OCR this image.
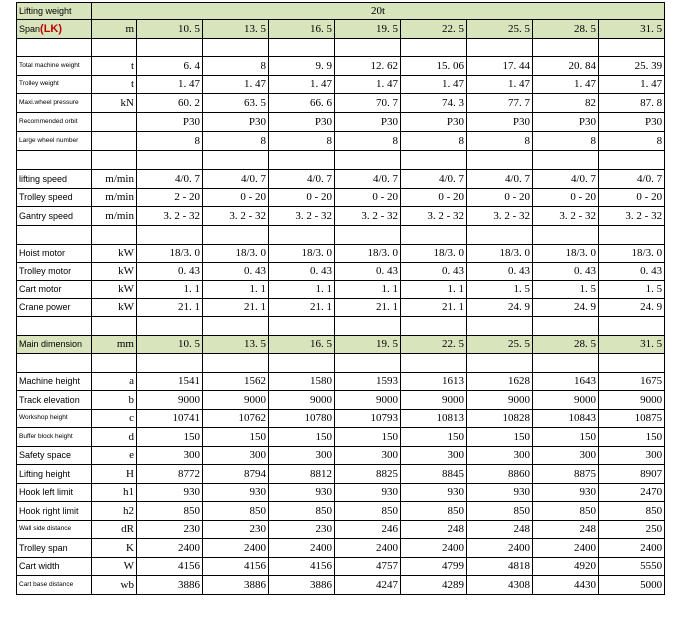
Lifting weight	20t								
Span(LK)	m	10. 5	13. 5	16. 5	19. 5	22. 5	25. 5	28. 5	31. 5

Total machine weight	t	6. 4	8	9. 9	12. 62	15. 06	17. 44	20. 84	25. 39
Trolley weight	t	1. 47	1. 47	1. 47	1. 47	1. 47	1. 47	1. 47	1. 47
Maxi.wheel pressure	kN	60. 2	63. 5	66. 6	70. 7	74. 3	77. 7	82	87. 8
Recommended orbit		P30	P30	P30	P30	P30	P30	P30	P30
Large wheel number		8	8	8	8	8	8	8	8

lifting speed	m/min	4/0. 7	4/0. 7	4/0. 7	4/0. 7	4/0. 7	4/0. 7	4/0. 7	4/0. 7
Trolley speed	m/min	2 - 20	0 - 20	0 - 20	0 - 20	0 - 20	0 - 20	0 - 20	0 - 20
Gantry speed	m/min	3. 2 - 32	3. 2 - 32	3. 2 - 32	3. 2 - 32	3. 2 - 32	3. 2 - 32	3. 2 - 32	3. 2 - 32

Hoist motor	kW	18/3. 0	18/3. 0	18/3. 0	18/3. 0	18/3. 0	18/3. 0	18/3. 0	18/3. 0
Trolley motor	kW	0. 43	0. 43	0. 43	0. 43	0. 43	0. 43	0. 43	0. 43
Cart motor	kW	1. 1	1. 1	1. 1	1. 1	1. 1	1. 5	1. 5	1. 5
Crane power	kW	21. 1	21. 1	21. 1	21. 1	21. 1	24. 9	24. 9	24. 9

Main dimension	mm	10. 5	13. 5	16. 5	19. 5	22. 5	25. 5	28. 5	31. 5

Machine height	a	1541	1562	1580	1593	1613	1628	1643	1675
Track elevation	b	9000	9000	9000	9000	9000	9000	9000	9000
Workshop height	c	10741	10762	10780	10793	10813	10828	10843	10875
Buffer block height	d	150	150	150	150	150	150	150	150
Safety space	e	300	300	300	300	300	300	300	300
Lifting height	H	8772	8794	8812	8825	8845	8860	8875	8907
Hook left limit	h1	930	930	930	930	930	930	930	2470
Hook right limit	h2	850	850	850	850	850	850	850	850
Wall side distance	dR	230	230	230	246	248	248	248	250
Trolley span	K	2400	2400	2400	2400	2400	2400	2400	2400
Cart width	W	4156	4156	4156	4757	4799	4818	4920	5550
Cart base distance	wb	3886	3886	3886	4247	4289	4308	4430	5000
